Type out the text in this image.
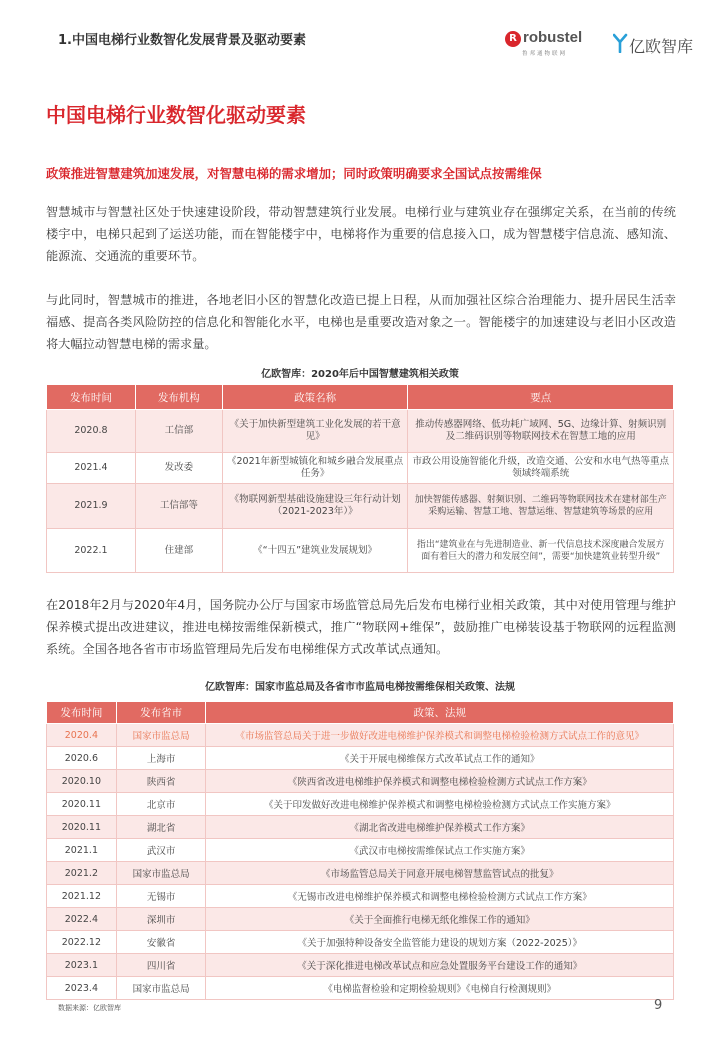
1.中国电梯行业数智化发展背景及驱动要素	R robustel
鲁邦通物联网	亿欧智库
中国电梯行业数智化驱动要素
政策推进智慧建筑加速发展，对智慧电梯的需求增加；同时政策明确要求全国试点按需维保

智慧城市与智慧社区处于快速建设阶段，带动智慧建筑行业发展。电梯行业与建筑业存在强绑定关系，在当前的传统楼宇中，电梯只起到了运送功能，而在智能楼宇中，电梯将作为重要的信息接入口，成为智慧楼宇信息流、感知流、能源流、交通流的重要环节。

与此同时，智慧城市的推进，各地老旧小区的智慧化改造已提上日程，从而加强社区综合治理能力、提升居民生活幸福感、提高各类风险防控的信息化和智能化水平，电梯也是重要改造对象之一。智能楼宇的加速建设与老旧小区改造将大幅拉动智慧电梯的需求量。

亿欧智库：2020年后中国智慧建筑相关政策
发布时间	发布机构	政策名称	要点
2020.8	工信部	《关于加快新型建筑工业化发展的若干意见》	推动传感器网络、低功耗广域网、5G、边缘计算、射频识别及二维码识别等物联网技术在智慧工地的应用
2021.4	发改委	《2021年新型城镇化和城乡融合发展重点任务》	市政公用设施智能化升级，改造交通、公安和水电气热等重点领域终端系统
2021.9	工信部等	《物联网新型基础设施建设三年行动计划（2021-2023年）》	加快智能传感器、射频识别、二维码等物联网技术在建材部生产采购运输、智慧工地、智慧运维、智慧建筑等场景的应用
2022.1	住建部	《“十四五”建筑业发展规划》	指出“建筑业在与先进制造业、新一代信息技术深度融合发展方面有着巨大的潜力和发展空间”，需要“加快建筑业转型升级”

在2018年2月与2020年4月，国务院办公厅与国家市场监管总局先后发布电梯行业相关政策，其中对使用管理与维护保养模式提出改进建议，推进电梯按需维保新模式，推广“物联网+维保”，鼓励推广电梯装设基于物联网的远程监测系统。全国各地各省市市场监管理局先后发布电梯维保方式改革试点通知。

亿欧智库：国家市监总局及各省市市监局电梯按需维保相关政策、法规
发布时间	发布省市	政策、法规
2020.4	国家市监总局	《市场监管总局关于进一步做好改进电梯维护保养模式和调整电梯检验检测方式试点工作的意见》
2020.6	上海市	《关于开展电梯维保方式改革试点工作的通知》
2020.10	陕西省	《陕西省改进电梯维护保养模式和调整电梯检验检测方式试点工作方案》
2020.11	北京市	《关于印发做好改进电梯维护保养模式和调整电梯检验检测方式试点工作实施方案》
2020.11	湖北省	《湖北省改进电梯维护保养模式工作方案》
2021.1	武汉市	《武汉市电梯按需维保试点工作实施方案》
2021.2	国家市监总局	《市场监管总局关于同意开展电梯智慧监管试点的批复》
2021.12	无锡市	《无锡市改进电梯维护保养模式和调整电梯检验检测方式试点工作方案》
2022.4	深圳市	《关于全面推行电梯无纸化维保工作的通知》
2022.12	安徽省	《关于加强特种设备安全监管能力建设的规划方案（2022-2025）》
2023.1	四川省	《关于深化推进电梯改革试点和应急处置服务平台建设工作的通知》
2023.4	国家市监总局	《电梯监督检验和定期检验规则》《电梯自行检测规则》
数据来源：亿欧智库	9
